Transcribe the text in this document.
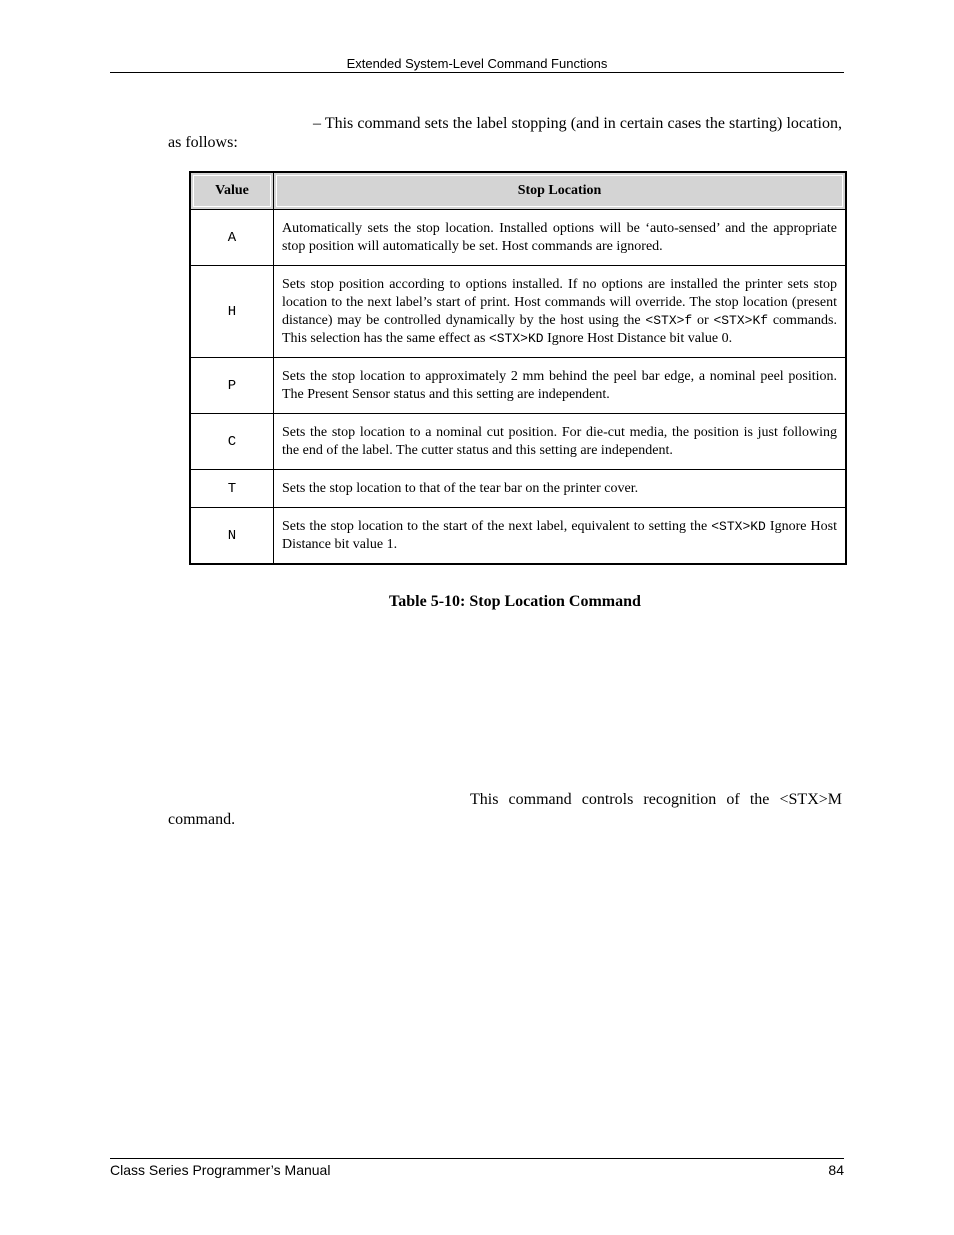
Extended System-Level Command Functions
– This command sets the label stopping (and in certain cases the starting) location, as follows:
Value	Stop Location

A	Automatically sets the stop location. Installed options will be ‘auto-sensed’ and the appropriate stop position will automatically be set. Host commands are ignored.
H	Sets stop position according to options installed. If no options are installed the printer sets stop location to the next label’s start of print. Host commands will override. The stop location (present distance) may be controlled dynamically by the host using the <STX>f or <STX>Kf commands. This selection has the same effect as <STX>KD Ignore Host Distance bit value 0.
P	Sets the stop location to approximately 2 mm behind the peel bar edge, a nominal peel position. The Present Sensor status and this setting are independent.
C	Sets the stop location to a nominal cut position. For die-cut media, the position is just following the end of the label. The cutter status and this setting are independent.
T	Sets the stop location to that of the tear bar on the printer cover.
N	Sets the stop location to the start of the next label, equivalent to setting the <STX>KD Ignore Host Distance bit value 1.
Table 5-10: Stop Location Command
This command controls recognition of the <STX>M
command.
Class Series Programmer’s Manual	84
